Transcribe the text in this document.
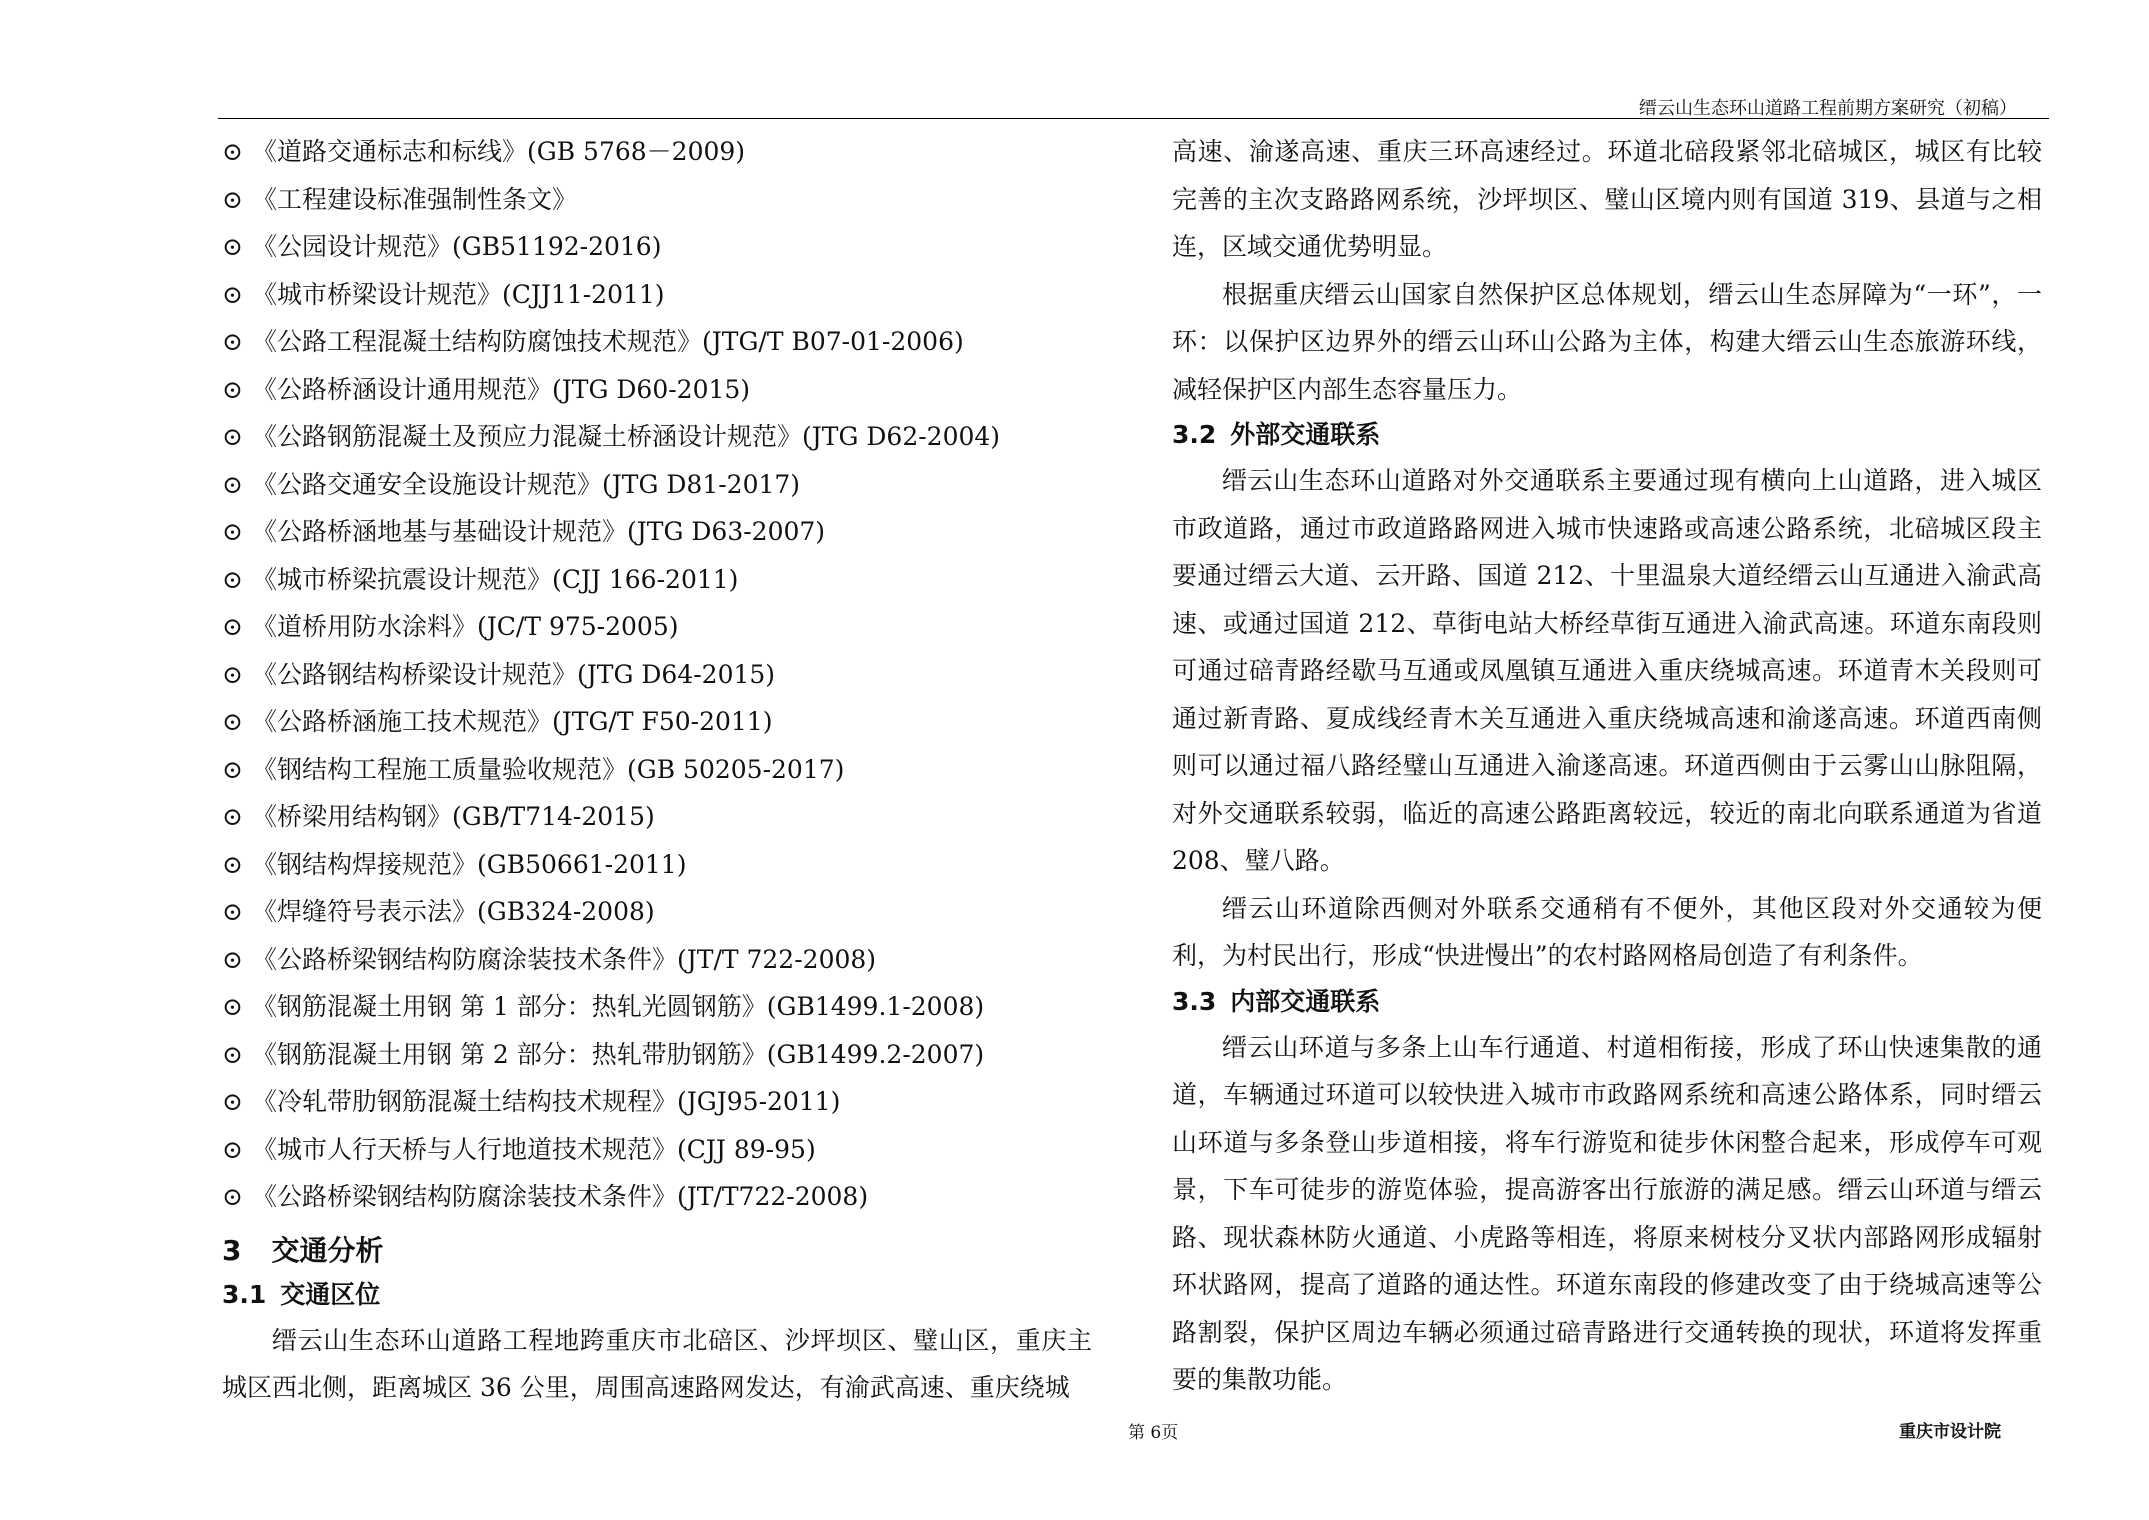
缙云山生态环山道路工程前期方案研究（初稿）
⊙ 《道路交通标志和标线》(GB 5768－2009)
⊙ 《工程建设标准强制性条文》
⊙ 《公园设计规范》(GB51192-2016)
⊙ 《城市桥梁设计规范》(CJJ11-2011)
⊙ 《公路工程混凝土结构防腐蚀技术规范》(JTG/T B07-01-2006)
⊙ 《公路桥涵设计通用规范》(JTG D60-2015)
⊙ 《公路钢筋混凝土及预应力混凝土桥涵设计规范》(JTG D62-2004)
⊙ 《公路交通安全设施设计规范》(JTG D81-2017)
⊙ 《公路桥涵地基与基础设计规范》(JTG D63-2007)
⊙ 《城市桥梁抗震设计规范》(CJJ 166-2011)
⊙ 《道桥用防水涂料》(JC/T 975-2005)
⊙ 《公路钢结构桥梁设计规范》(JTG D64-2015)
⊙ 《公路桥涵施工技术规范》(JTG/T F50-2011)
⊙ 《钢结构工程施工质量验收规范》(GB 50205-2017)
⊙ 《桥梁用结构钢》(GB/T714-2015)
⊙ 《钢结构焊接规范》(GB50661-2011)
⊙ 《焊缝符号表示法》(GB324-2008)
⊙ 《公路桥梁钢结构防腐涂装技术条件》(JT/T 722-2008)
⊙ 《钢筋混凝土用钢 第 1 部分：热轧光圆钢筋》(GB1499.1-2008)
⊙ 《钢筋混凝土用钢 第 2 部分：热轧带肋钢筋》(GB1499.2-2007)
⊙ 《冷轧带肋钢筋混凝土结构技术规程》(JGJ95-2011)
⊙ 《城市人行天桥与人行地道技术规范》(CJJ 89-95)
⊙ 《公路桥梁钢结构防腐涂装技术条件》(JT/T722-2008)
3 交通分析
3.1 交通区位

缙云山生态环山道路工程地跨重庆市北碚区、沙坪坝区、璧山区，重庆主城区西北侧，距离城区 36 公里，周围高速路网发达，有渝武高速、重庆绕城

高速、渝遂高速、重庆三环高速经过。环道北碚段紧邻北碚城区，城区有比较完善的主次支路路网系统，沙坪坝区、璧山区境内则有国道 319、县道与之相连，区域交通优势明显。

根据重庆缙云山国家自然保护区总体规划，缙云山生态屏障为“一环”，一环：以保护区边界外的缙云山环山公路为主体，构建大缙云山生态旅游环线，减轻保护区内部生态容量压力。

3.2 外部交通联系

缙云山生态环山道路对外交通联系主要通过现有横向上山道路，进入城区市政道路，通过市政道路路网进入城市快速路或高速公路系统，北碚城区段主要通过缙云大道、云开路、国道 212、十里温泉大道经缙云山互通进入渝武高速、或通过国道 212、草街电站大桥经草街互通进入渝武高速。环道东南段则可通过碚青路经歇马互通或凤凰镇互通进入重庆绕城高速。环道青木关段则可通过新青路、夏成线经青木关互通进入重庆绕城高速和渝遂高速。环道西南侧则可以通过福八路经璧山互通进入渝遂高速。环道西侧由于云雾山山脉阻隔，对外交通联系较弱，临近的高速公路距离较远，较近的南北向联系通道为省道 208、璧八路。

缙云山环道除西侧对外联系交通稍有不便外，其他区段对外交通较为便利，为村民出行，形成“快进慢出”的农村路网格局创造了有利条件。

3.3 内部交通联系

缙云山环道与多条上山车行通道、村道相衔接，形成了环山快速集散的通道，车辆通过环道可以较快进入城市市政路网系统和高速公路体系，同时缙云山环道与多条登山步道相接，将车行游览和徒步休闲整合起来，形成停车可观景，下车可徒步的游览体验，提高游客出行旅游的满足感。缙云山环道与缙云路、现状森林防火通道、小虎路等相连，将原来树枝分叉状内部路网形成辐射环状路网，提高了道路的通达性。环道东南段的修建改变了由于绕城高速等公路割裂，保护区周边车辆必须通过碚青路进行交通转换的现状，环道将发挥重要的集散功能。

第 6页	重庆市设计院
